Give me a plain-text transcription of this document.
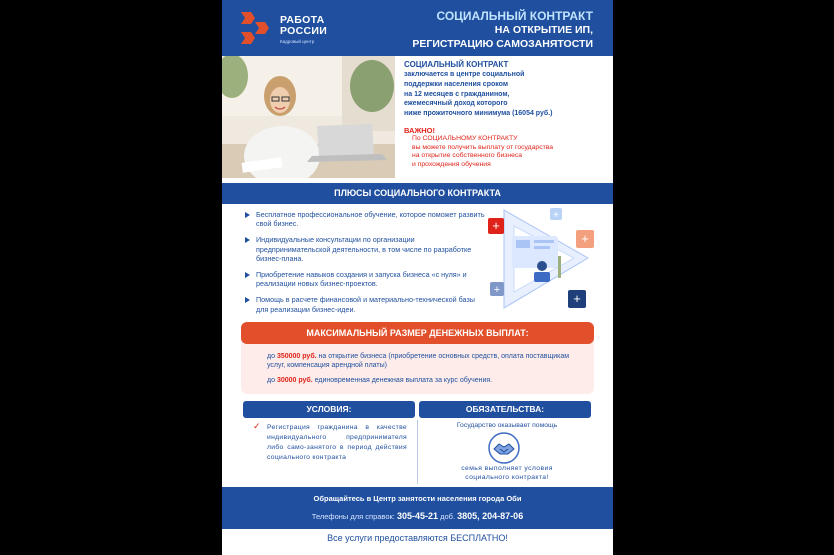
РАБОТА
РОССИИ
Кадровый центр
СОЦИАЛЬНЫЙ КОНТРАКТ
НА ОТКРЫТИЕ ИП,
РЕГИСТРАЦИЮ САМОЗАНЯТОСТИ
СОЦИАЛЬНЫЙ КОНТРАКТ
заключается в центре социальной
поддержки населения сроком
на 12 месяцев с гражданином,
ежемесячный доход которого
ниже прожиточного минимума (16054 руб.)
ВАЖНО!
По СОЦИАЛЬНОМУ КОНТРАКТУ
вы можете получить выплату от государства
на открытие собственного бизнеса
и прохождения обучения
ПЛЮСЫ СОЦИАЛЬНОГО КОНТРАКТА
Бесплатное профессиональное обучение, которое поможет развить свой бизнес.
Индивидуальные консультации по организации предпринимательской деятельности, в том числе по разработке бизнес-плана.
Приобретение навыков создания и запуска бизнеса «с нуля» и реализации новых бизнес-проектов.
Помощь в расчете финансовой и материально-технической базы для реализации бизнес-идеи.
+
+
+
+
+
МАКСИМАЛЬНЫЙ РАЗМЕР ДЕНЕЖНЫХ ВЫПЛАТ:
до 350000 руб. на открытие бизнеса (приобретение основных средств, оплата поставщикам услуг, компенсация арендной платы)
до 30000 руб. единовременная денежная выплата за курс обучения.
УСЛОВИЯ:	ОБЯЗАТЕЛЬСТВА:
✓ Регистрация гражданина в качестве индивидуального предпринимателя либо само-занятого в период действия социального контракта
Государство оказывает помощь
семья выполняет условия
социального контракта!
Обращайтесь в Центр занятости населения города Оби
Телефоны для справок: 305-45-21 доб. 3805, 204-87-06
Все услуги предоставляются БЕСПЛАТНО!
